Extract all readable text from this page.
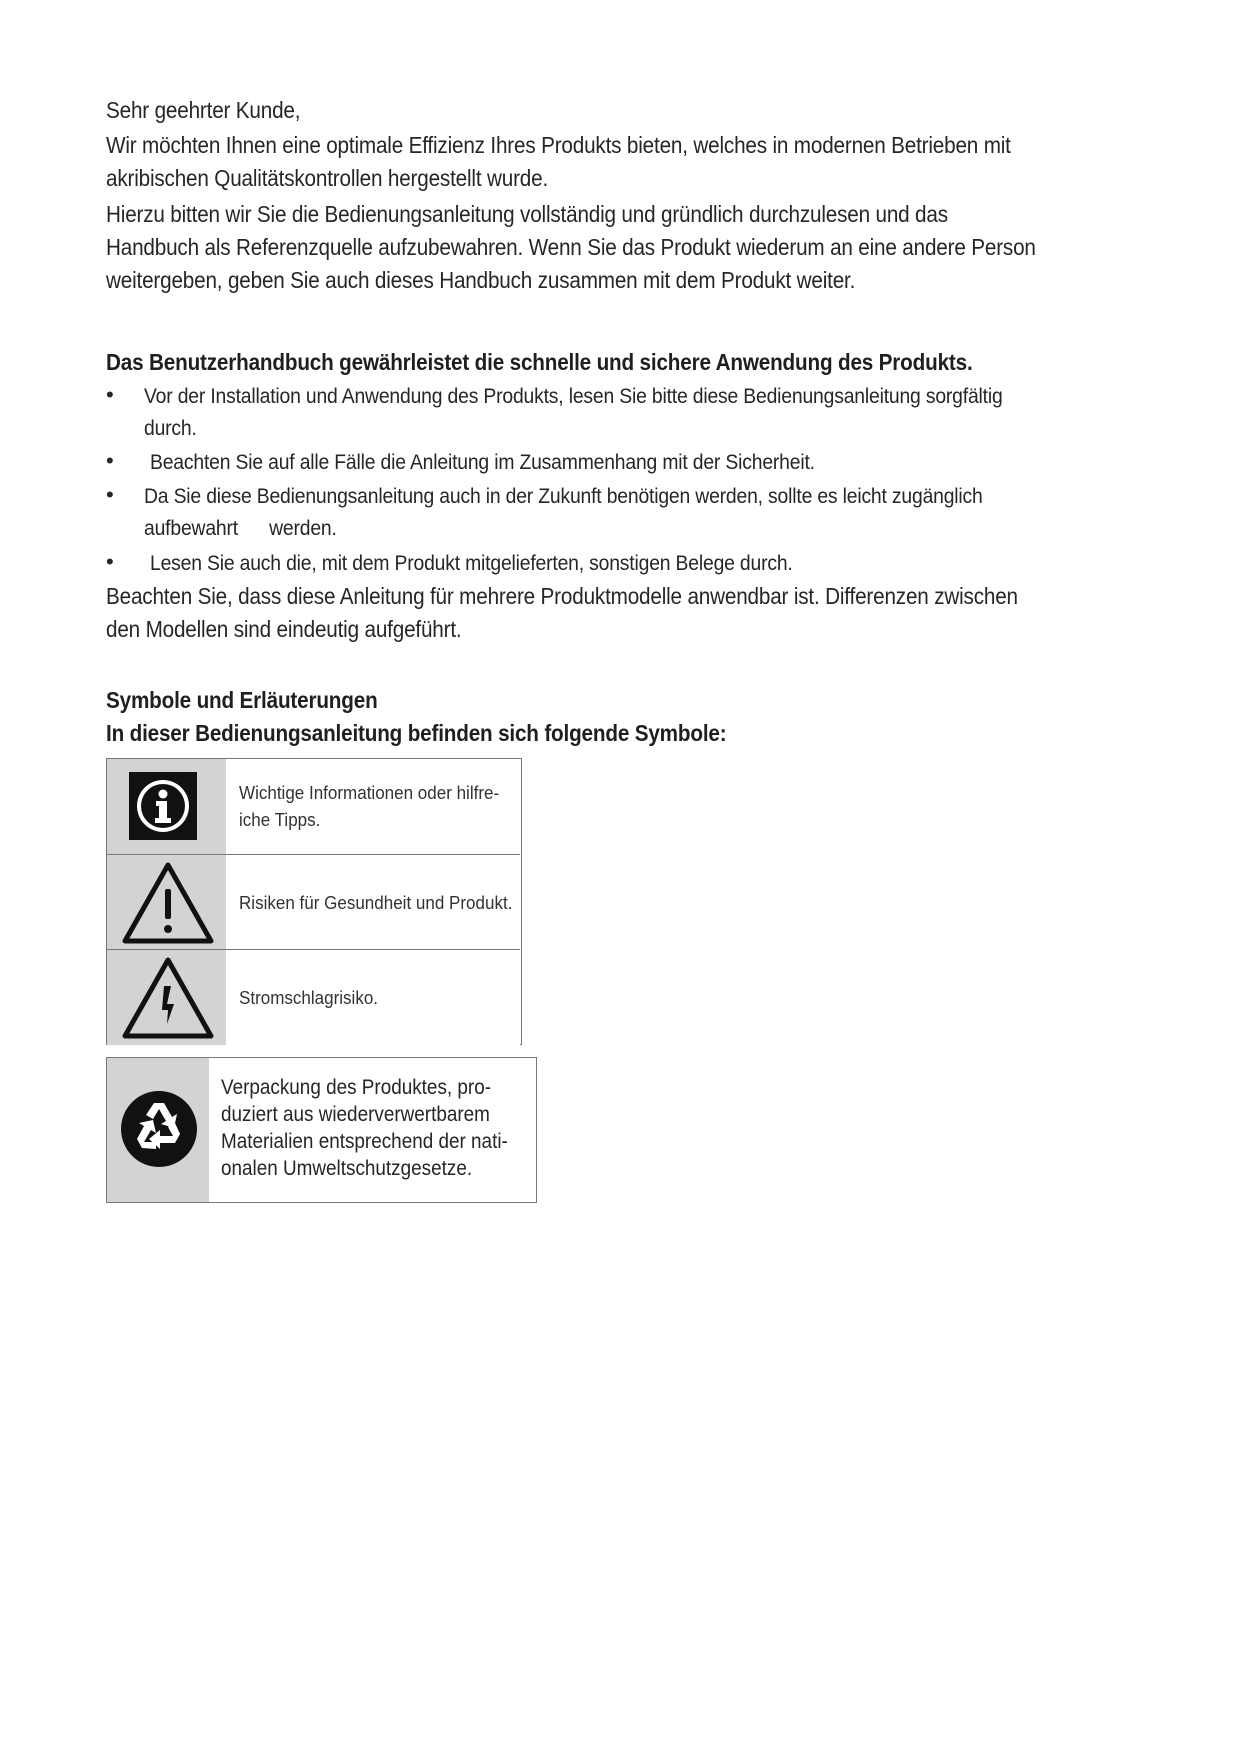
Sehr geehrter Kunde,

Wir möchten Ihnen eine optimale Effizienz Ihres Produkts bieten, welches in modernen Betrieben mit

akribischen Qualitätskontrollen hergestellt wurde.

Hierzu bitten wir Sie die Bedienungsanleitung vollständig und gründlich durchzulesen und das

Handbuch als Referenzquelle aufzubewahren. Wenn Sie das Produkt wiederum an eine andere Person

weitergeben, geben Sie auch dieses Handbuch zusammen mit dem Produkt weiter.

Das Benutzerhandbuch gewährleistet die schnelle und sichere Anwendung des Produkts.

• Vor der Installation und Anwendung des Produkts, lesen Sie bitte diese Bedienungsanleitung sorgfältig

durch.

• Beachten Sie auf alle Fälle die Anleitung im Zusammenhang mit der Sicherheit.

• Da Sie diese Bedienungsanleitung auch in der Zukunft benötigen werden, sollte es leicht zugänglich

aufbewahrt      werden.

• Lesen Sie auch die, mit dem Produkt mitgelieferten, sonstigen Belege durch.

Beachten Sie, dass diese Anleitung für mehrere Produktmodelle anwendbar ist. Differenzen zwischen

den Modellen sind eindeutig aufgeführt.

Symbole und Erläuterungen

In dieser Bedienungsanleitung befinden sich folgende Symbole:

Wichtige Informationen oder hilfre-
iche Tipps.
Risiken für Gesundheit und Produkt.
Stromschlagrisiko.
Verpackung des Produktes, pro-
duziert aus wiederverwertbarem
Materialien entsprechend der nati-
onalen Umweltschutzgesetze.
